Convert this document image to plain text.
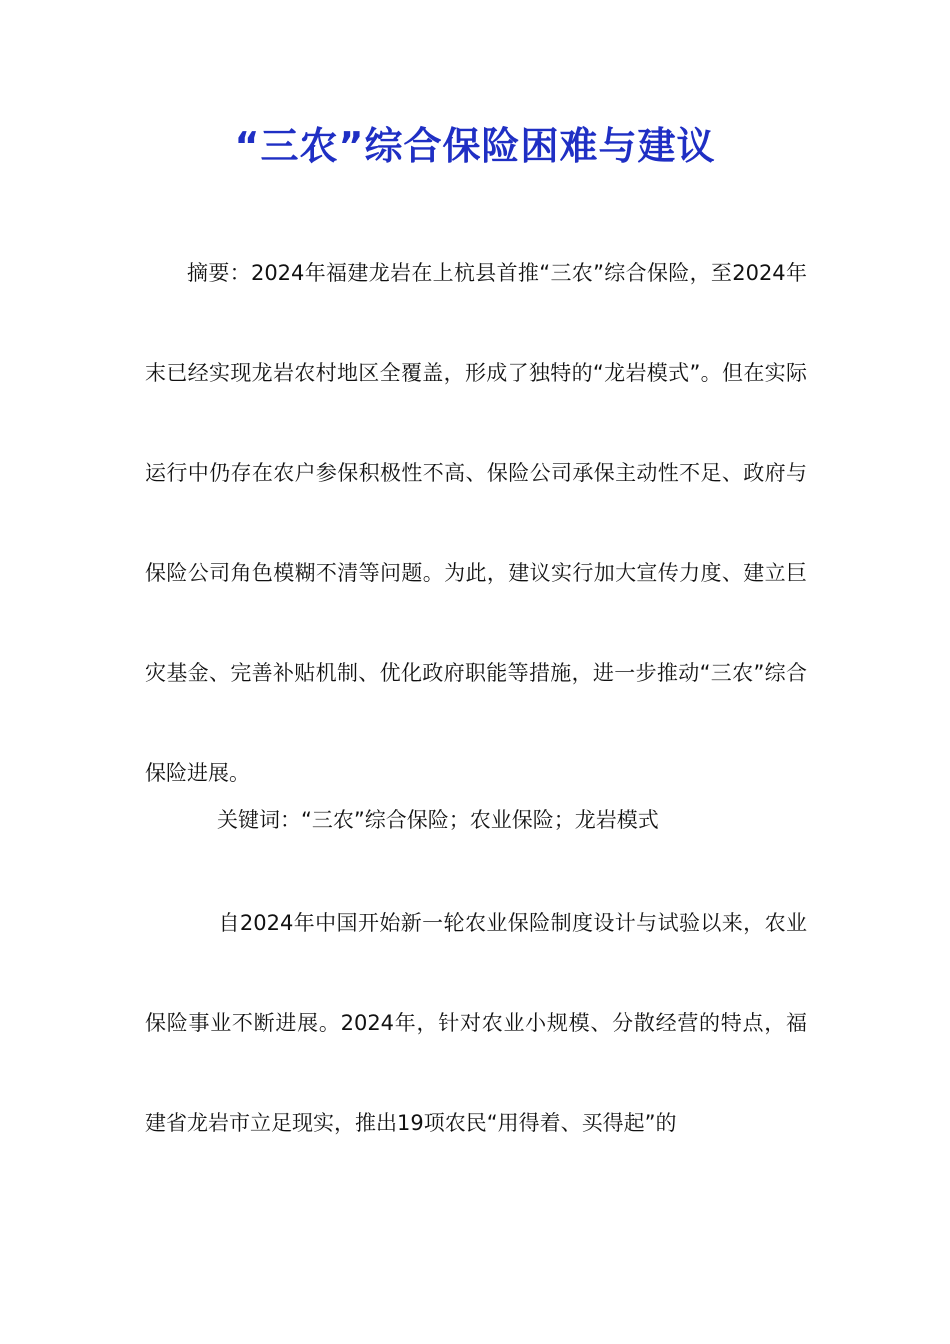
“三农”综合保险困难与建议
摘要：2024年福建龙岩在上杭县首推“三农”综合保险，至2024年末已经实现龙岩农村地区全覆盖，形成了独特的“龙岩模式”。但在实际运行中仍存在农户参保积极性不高、保险公司承保主动性不足、政府与保险公司角色模糊不清等问题。为此，建议实行加大宣传力度、建立巨灾基金、完善补贴机制、优化政府职能等措施，进一步推动“三农”综合保险进展。
关键词：“三农”综合保险；农业保险；龙岩模式
自2024年中国开始新一轮农业保险制度设计与试验以来，农业保险事业不断进展。2024年，针对农业小规模、分散经营的特点，福建省龙岩市立足现实，推出19项农民“用得着、买得起”的
